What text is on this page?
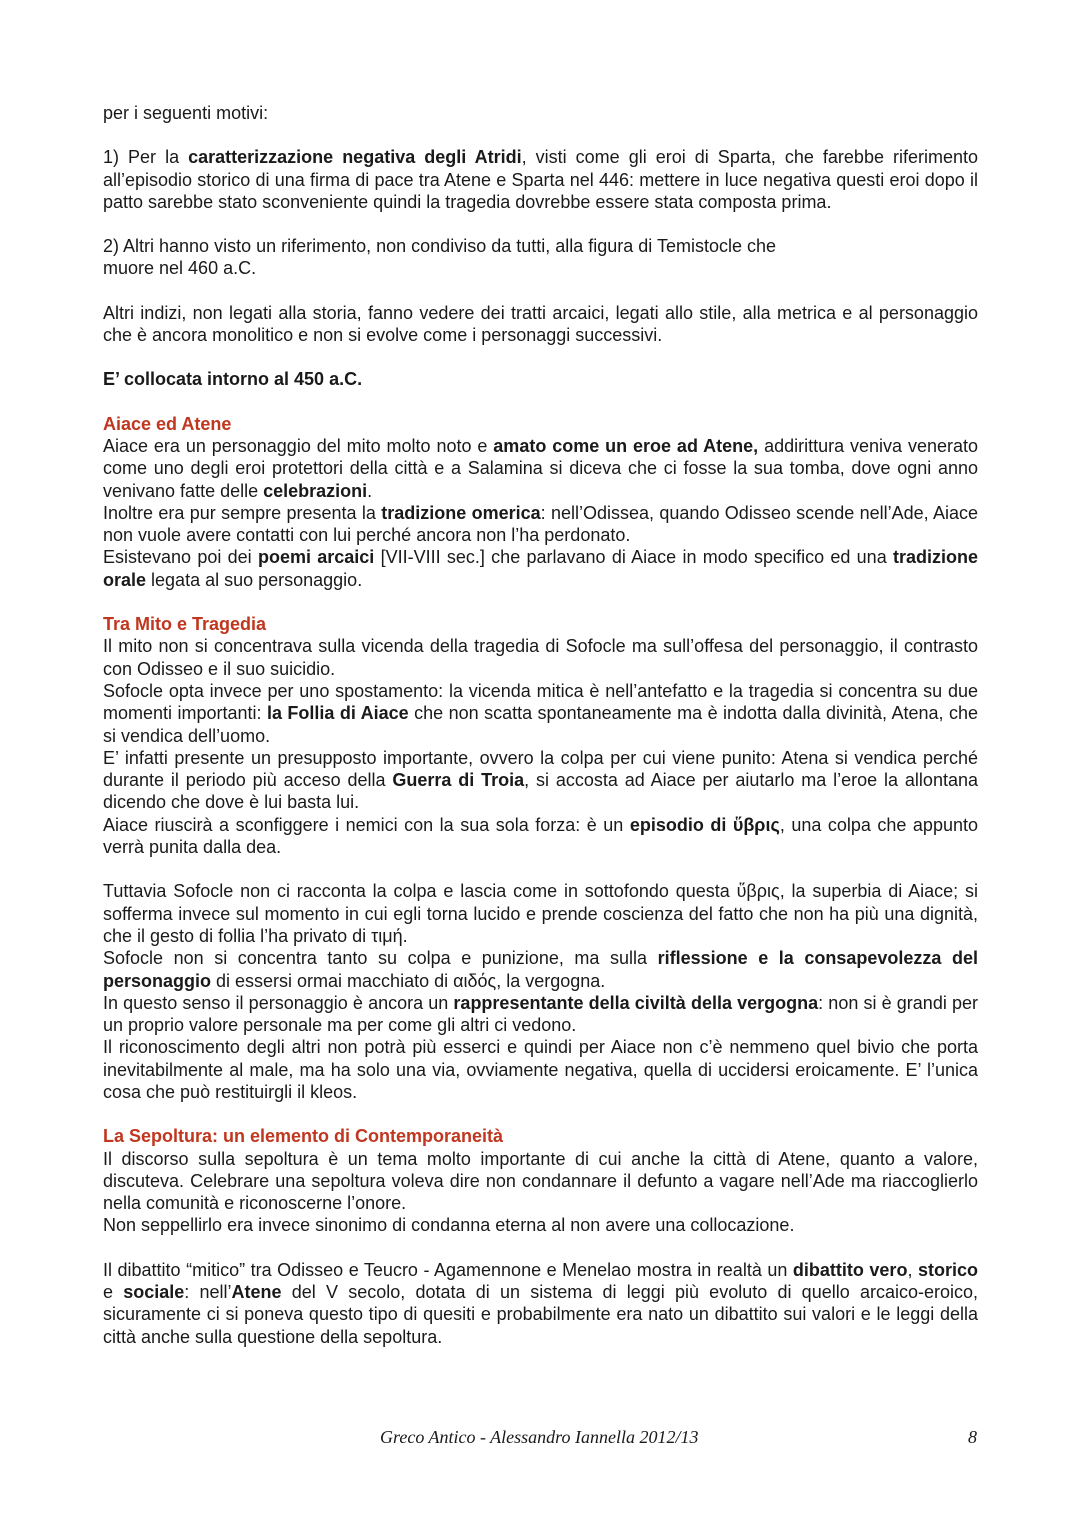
per i seguenti motivi:

1) Per la caratterizzazione negativa degli Atridi, visti come gli eroi di Sparta, che farebbe riferimento all’episodio storico di una firma di pace tra Atene e Sparta nel 446: mettere in luce negativa questi eroi dopo il patto sarebbe stato sconveniente quindi la tragedia dovrebbe essere stata composta prima.

2) Altri hanno visto un riferimento, non condiviso da tutti, alla figura di Temistocle che
muore nel 460 a.C.

Altri indizi, non legati alla storia, fanno vedere dei tratti arcaici, legati allo stile, alla metrica e al personaggio che è ancora monolitico e non si evolve come i personaggi successivi.

E’ collocata intorno al 450 a.C.

Aiace ed Atene

Aiace era un personaggio del mito molto noto e amato come un eroe ad Atene, addirittura veniva venerato come uno degli eroi protettori della città e a Salamina si diceva che ci fosse la sua tomba, dove ogni anno venivano fatte delle celebrazioni.

Inoltre era pur sempre presenta la tradizione omerica: nell’Odissea, quando Odisseo scende nell’Ade, Aiace non vuole avere contatti con lui perché ancora non l’ha perdonato.

Esistevano poi dei poemi arcaici [VII-VIII sec.] che parlavano di Aiace in modo specifico ed una tradizione orale legata al suo personaggio.

Tra Mito e Tragedia

Il mito non si concentrava sulla vicenda della tragedia di Sofocle ma sull’offesa del personaggio, il contrasto con Odisseo e il suo suicidio.

Sofocle opta invece per uno spostamento: la vicenda mitica è nell’antefatto e la tragedia si concentra su due momenti importanti: la Follia di Aiace che non scatta spontaneamente ma è indotta dalla divinità, Atena, che si vendica dell’uomo.

E’ infatti presente un presupposto importante, ovvero la colpa per cui viene punito: Atena si vendica perché durante il periodo più acceso della Guerra di Troia, si accosta ad Aiace per aiutarlo ma l’eroe la allontana dicendo che dove è lui basta lui.

Aiace riuscirà a sconfiggere i nemici con la sua sola forza: è un episodio di ὕβρις, una colpa che appunto verrà punita dalla dea.

Tuttavia Sofocle non ci racconta la colpa e lascia come in sottofondo questa ὕβρις, la superbia di Aiace; si sofferma invece sul momento in cui egli torna lucido e prende coscienza del fatto che non ha più una dignità, che il gesto di follia l’ha privato di τιμή.

Sofocle non si concentra tanto su colpa e punizione, ma sulla riflessione e la consapevolezza del personaggio di essersi ormai macchiato di αιδός, la vergogna.

In questo senso il personaggio è ancora un rappresentante della civiltà della vergogna: non si è grandi per un proprio valore personale ma per come gli altri ci vedono.

Il riconoscimento degli altri non potrà più esserci e quindi per Aiace non c’è nemmeno quel bivio che porta inevitabilmente al male, ma ha solo una via, ovviamente negativa, quella di uccidersi eroicamente. E’ l’unica cosa che può restituirgli il kleos.

La Sepoltura: un elemento di Contemporaneità

Il discorso sulla sepoltura è un tema molto importante di cui anche la città di Atene, quanto a valore, discuteva. Celebrare una sepoltura voleva dire non condannare il defunto a vagare nell’Ade ma riaccoglierlo nella comunità e riconoscerne l’onore.

Non seppellirlo era invece sinonimo di condanna eterna al non avere una collocazione.

Il dibattito “mitico” tra Odisseo e Teucro - Agamennone e Menelao mostra in realtà un dibattito vero, storico e sociale: nell’Atene del V secolo, dotata di un sistema di leggi più evoluto di quello arcaico-eroico, sicuramente ci si poneva questo tipo di quesiti e probabilmente era nato un dibattito sui valori e le leggi della città anche sulla questione della sepoltura.

Greco Antico - Alessandro Iannella 2012/13	8
